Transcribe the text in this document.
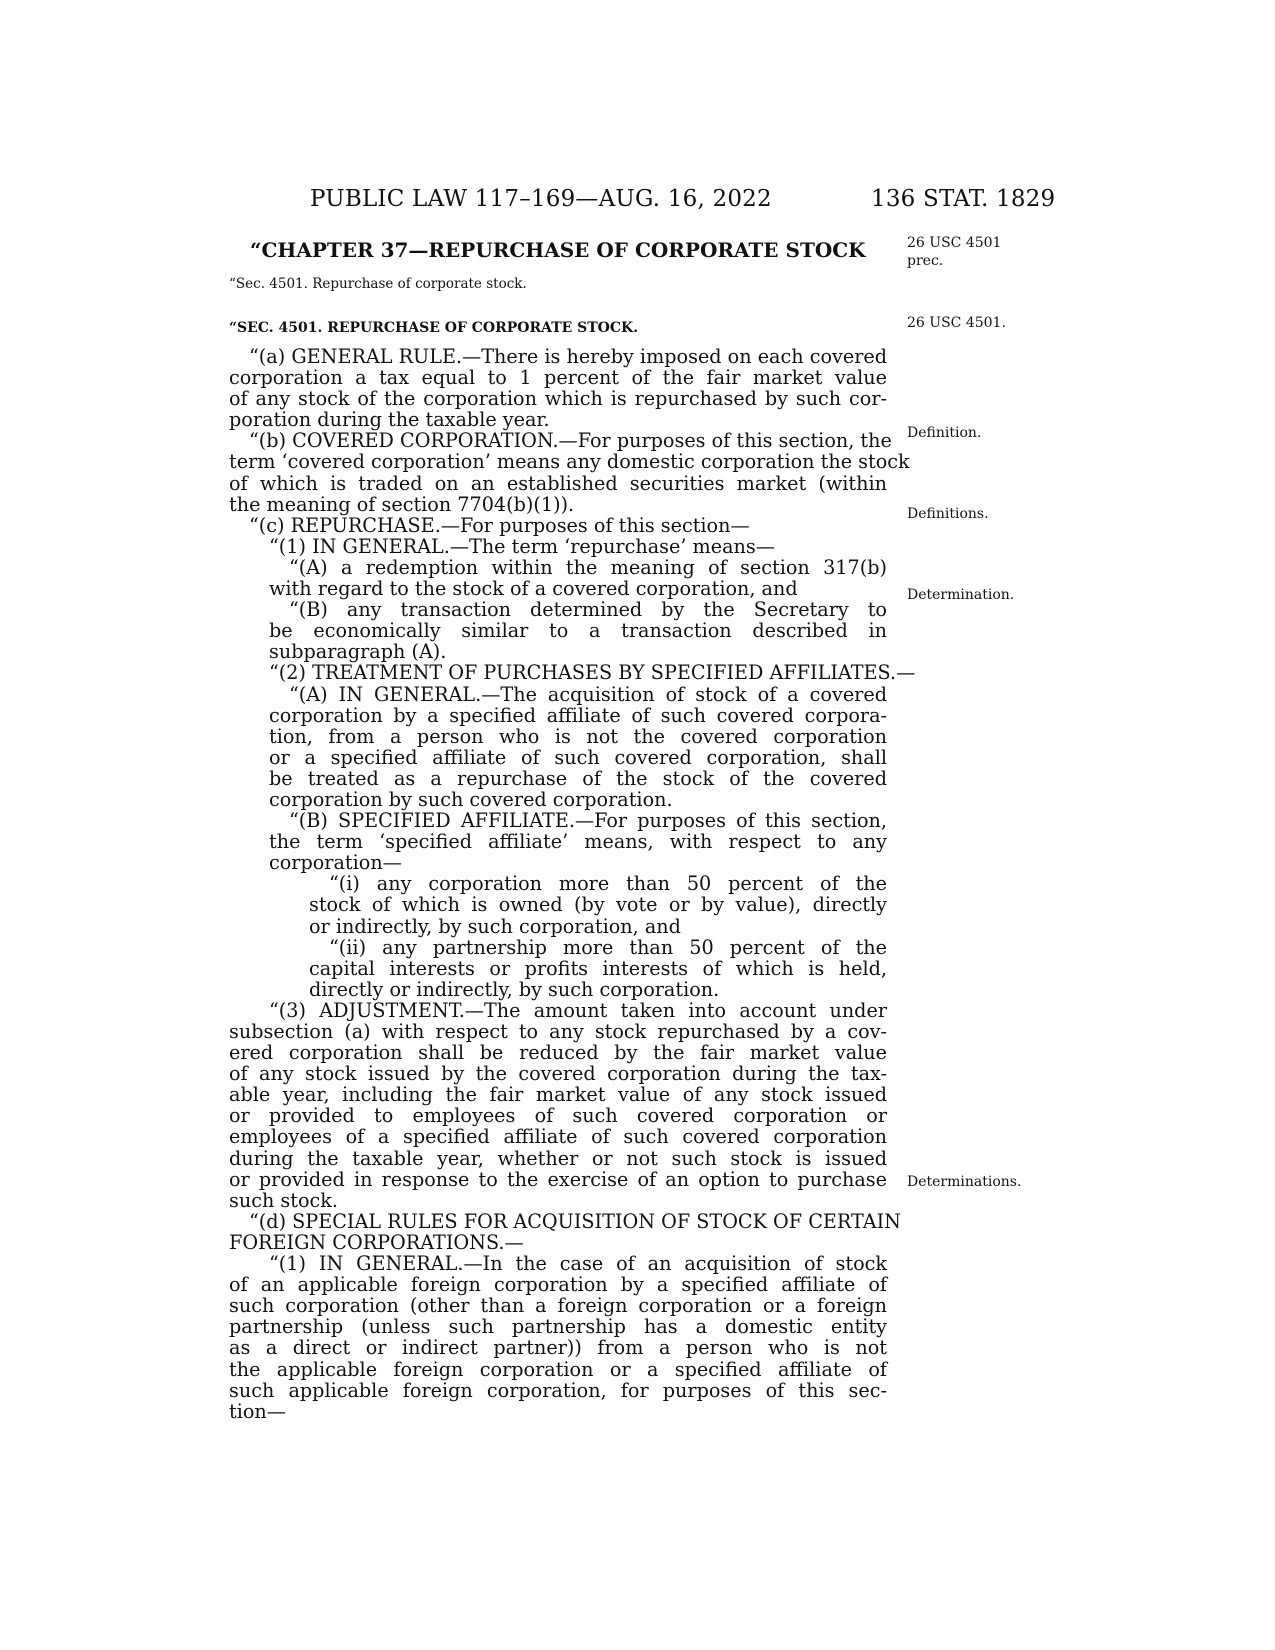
PUBLIC LAW 117–169—AUG. 16, 2022	136 STAT. 1829
“CHAPTER 37—REPURCHASE OF CORPORATE STOCK
“Sec. 4501. Repurchase of corporate stock.
“SEC. 4501. REPURCHASE OF CORPORATE STOCK.
26 USC 4501
prec.
26 USC 4501.
Definition.
Definitions.
Determination.
Determinations.
“(a) GENERAL RULE.—There is hereby imposed on each covered
corporation a tax equal to 1 percent of the fair market value
of any stock of the corporation which is repurchased by such cor-
poration during the taxable year.
“(b) COVERED CORPORATION.—For purposes of this section, the
term ‘covered corporation’ means any domestic corporation the stock
of which is traded on an established securities market (within
the meaning of section 7704(b)(1)).
“(c) REPURCHASE.—For purposes of this section—
“(1) IN GENERAL.—The term ‘repurchase’ means—
“(A) a redemption within the meaning of section 317(b)
with regard to the stock of a covered corporation, and
“(B) any transaction determined by the Secretary to
be economically similar to a transaction described in
subparagraph (A).
“(2) TREATMENT OF PURCHASES BY SPECIFIED AFFILIATES.—
“(A) IN GENERAL.—The acquisition of stock of a covered
corporation by a specified affiliate of such covered corpora-
tion, from a person who is not the covered corporation
or a specified affiliate of such covered corporation, shall
be treated as a repurchase of the stock of the covered
corporation by such covered corporation.
“(B) SPECIFIED AFFILIATE.—For purposes of this section,
the term ‘specified affiliate’ means, with respect to any
corporation—
“(i) any corporation more than 50 percent of the
stock of which is owned (by vote or by value), directly
or indirectly, by such corporation, and
“(ii) any partnership more than 50 percent of the
capital interests or profits interests of which is held,
directly or indirectly, by such corporation.
“(3) ADJUSTMENT.—The amount taken into account under
subsection (a) with respect to any stock repurchased by a cov-
ered corporation shall be reduced by the fair market value
of any stock issued by the covered corporation during the tax-
able year, including the fair market value of any stock issued
or provided to employees of such covered corporation or
employees of a specified affiliate of such covered corporation
during the taxable year, whether or not such stock is issued
or provided in response to the exercise of an option to purchase
such stock.
“(d) SPECIAL RULES FOR ACQUISITION OF STOCK OF CERTAIN
FOREIGN CORPORATIONS.—
“(1) IN GENERAL.—In the case of an acquisition of stock
of an applicable foreign corporation by a specified affiliate of
such corporation (other than a foreign corporation or a foreign
partnership (unless such partnership has a domestic entity
as a direct or indirect partner)) from a person who is not
the applicable foreign corporation or a specified affiliate of
such applicable foreign corporation, for purposes of this sec-
tion—
